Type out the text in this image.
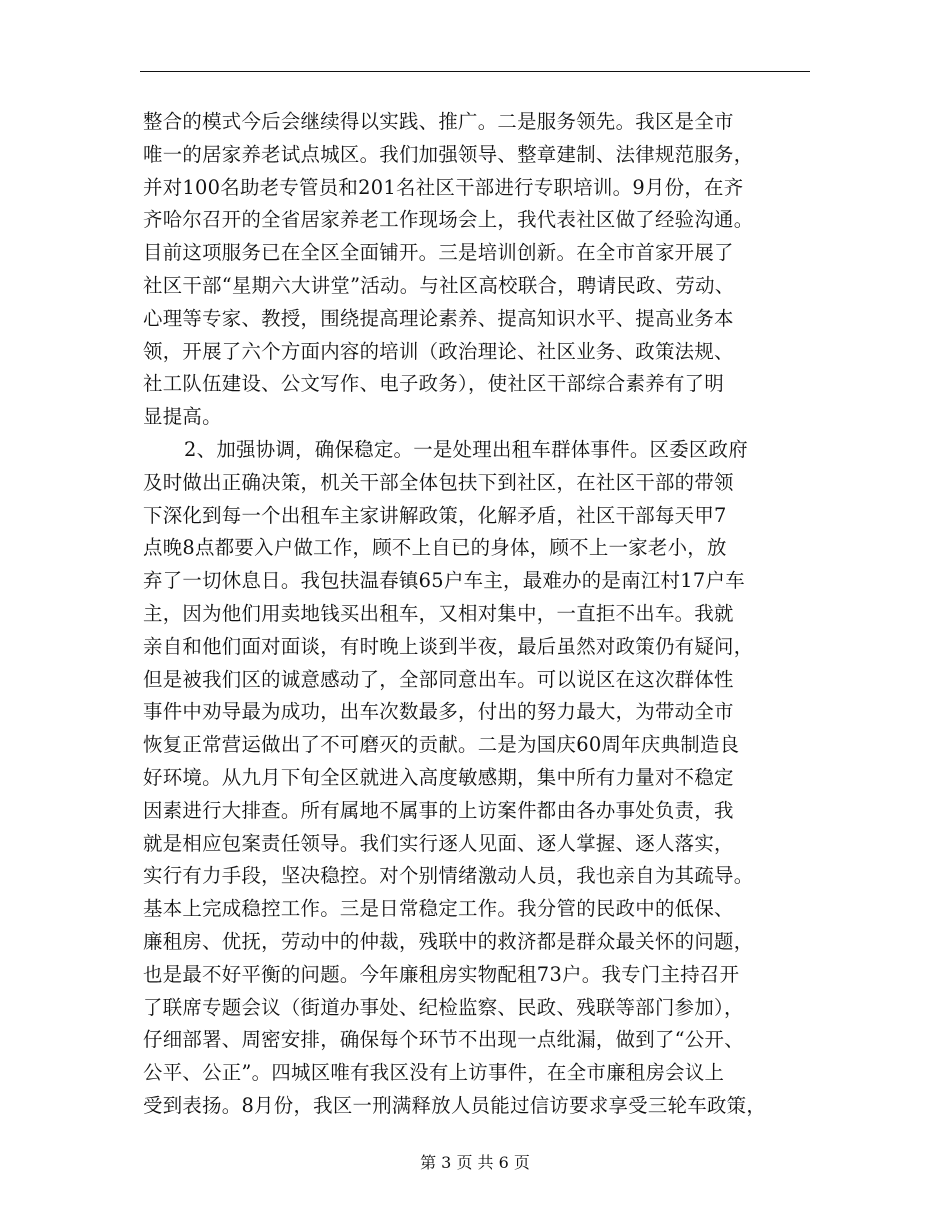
整合的模式今后会继续得以实践、推广。二是服务领先。我区是全市
唯一的居家养老试点城区。我们加强领导、整章建制、法律规范服务，
并对100名助老专管员和201名社区干部进行专职培训。9月份，在齐
齐哈尔召开的全省居家养老工作现场会上，我代表社区做了经验沟通。
目前这项服务已在全区全面铺开。三是培训创新。在全市首家开展了
社区干部“星期六大讲堂”活动。与社区高校联合，聘请民政、劳动、
心理等专家、教授，围绕提高理论素养、提高知识水平、提高业务本
领，开展了六个方面内容的培训（政治理论、社区业务、政策法规、
社工队伍建设、公文写作、电子政务），使社区干部综合素养有了明
显提高。
2、加强协调，确保稳定。一是处理出租车群体事件。区委区政府
及时做出正确决策，机关干部全体包扶下到社区，在社区干部的带领
下深化到每一个出租车主家讲解政策，化解矛盾，社区干部每天甲7
点晚8点都要入户做工作，顾不上自已的身体，顾不上一家老小，放
弃了一切休息日。我包扶温春镇65户车主，最难办的是南江村17户车
主，因为他们用卖地钱买出租车，又相对集中，一直拒不出车。我就
亲自和他们面对面谈，有时晚上谈到半夜，最后虽然对政策仍有疑问，
但是被我们区的诚意感动了，全部同意出车。可以说区在这次群体性
事件中劝导最为成功，出车次数最多，付出的努力最大，为带动全市
恢复正常营运做出了不可磨灭的贡献。二是为国庆60周年庆典制造良
好环境。从九月下旬全区就进入高度敏感期，集中所有力量对不稳定
因素进行大排查。所有属地不属事的上访案件都由各办事处负责，我
就是相应包案责任领导。我们实行逐人见面、逐人掌握、逐人落实，
实行有力手段，坚决稳控。对个别情绪激动人员，我也亲自为其疏导。
基本上完成稳控工作。三是日常稳定工作。我分管的民政中的低保、
廉租房、优抚，劳动中的仲裁，残联中的救济都是群众最关怀的问题，
也是最不好平衡的问题。今年廉租房实物配租73户。我专门主持召开
了联席专题会议（街道办事处、纪检监察、民政、残联等部门参加），
仔细部署、周密安排，确保每个环节不出现一点纰漏，做到了“公开、
公平、公正”。四城区唯有我区没有上访事件，在全市廉租房会议上
受到表扬。8月份，我区一刑满释放人员能过信访要求享受三轮车政策，
第 3 页 共 6 页
